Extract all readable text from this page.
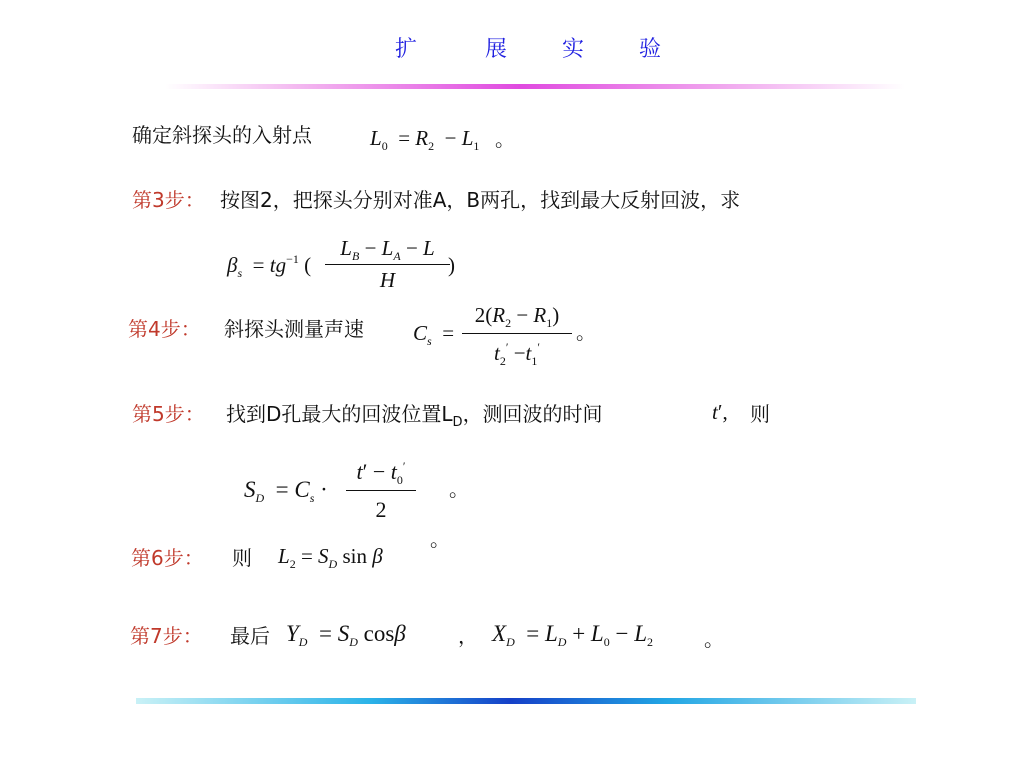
扩	展 实 验
确定斜探头的入射点	$L_0 = R_2 - L_1$ 。
第3步： 按图2，把探头分别对准A，B两孔，找到最大反射回波，求
$\beta_s = tg^{-1}$ (
$L_B - L_A - L$
H
)
第4步： 斜探头测量声速 $C_s$  =
$2(R_2 - R_1)$
$t_2' -t_1'$
。
第5步： 找到D孔最大的回波位置$L_D$，测回波的时间	t′, 则
$S_D = C_s$ ·
$t' - t_0'$
2
。
第6步： 则 $L_2 = S_D$ sin β
。
第7步： 最后 $Y_D = S_D$ cosβ	， $X_D = L_D + L_0 - L_2$	。
